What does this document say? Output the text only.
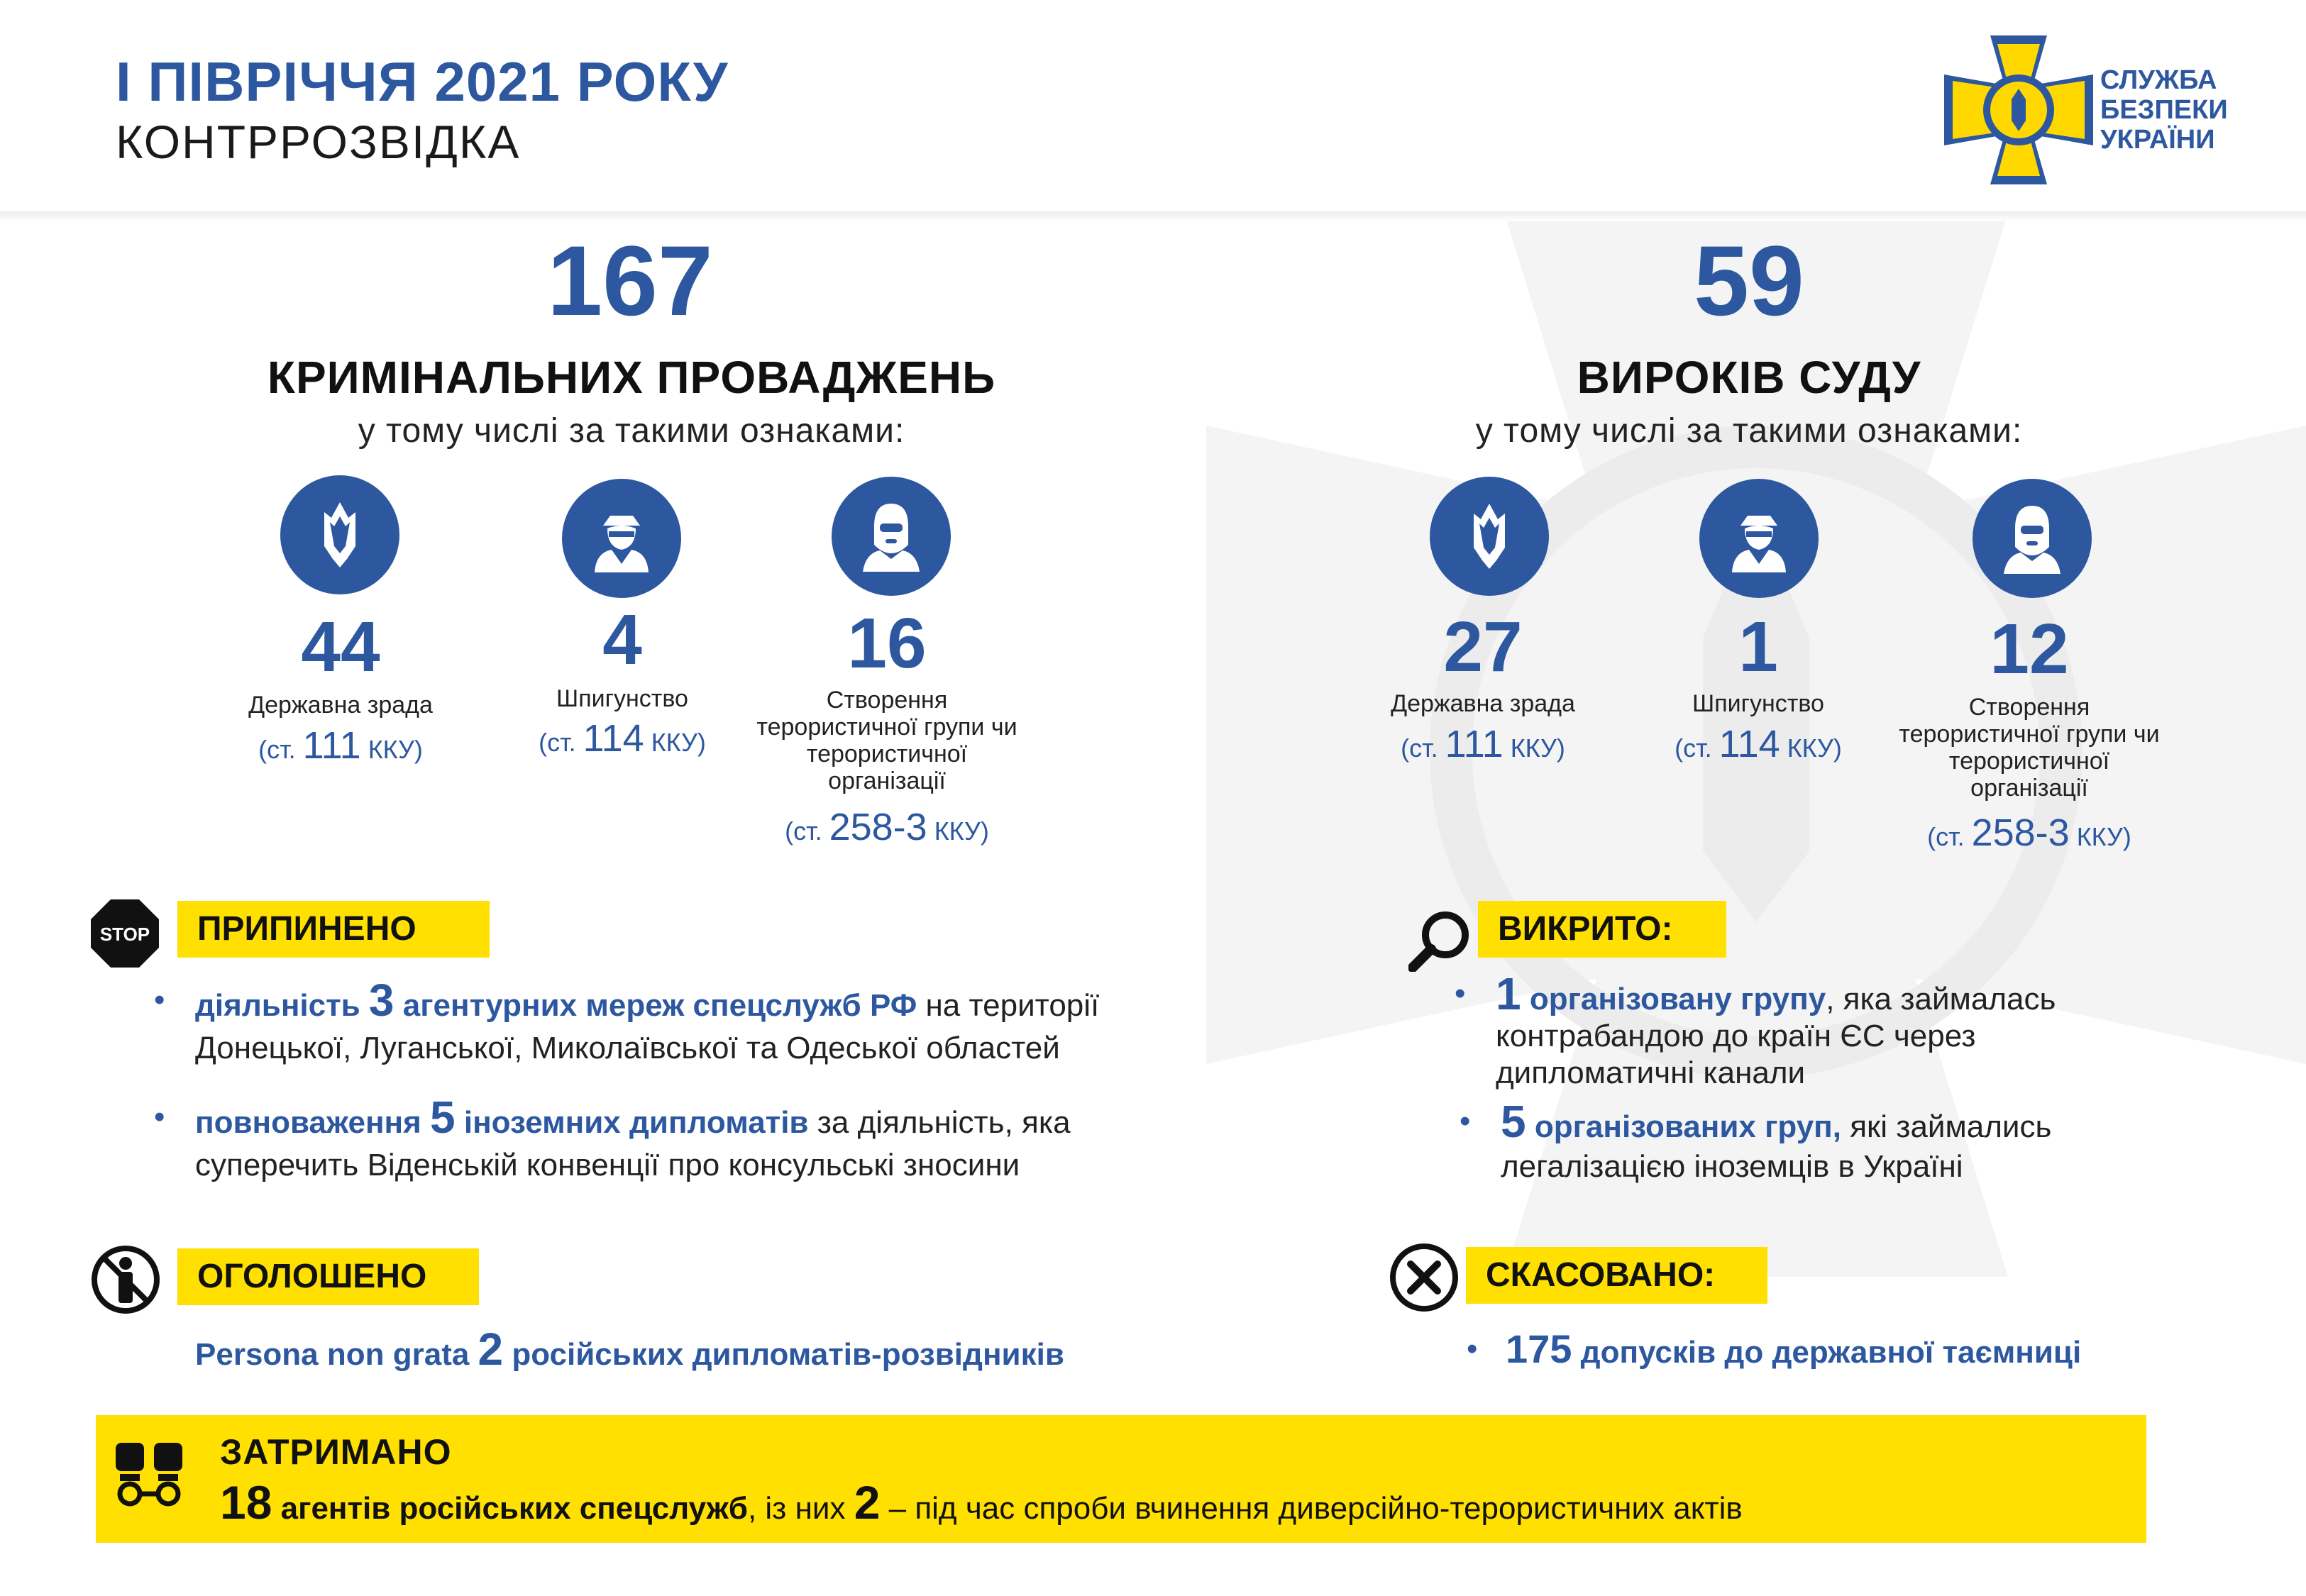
І ПІВРІЧЧЯ 2021 РОКУ
КОНТРРОЗВІДКА
СЛУЖБА
БЕЗПЕКИ
УКРАЇНИ
167
КРИМІНАЛЬНИХ ПРОВАДЖЕНЬ
у тому числі за такими ознаками:
44
Державна зрада
(ст. 111 ККУ)
4
Шпигунство
(ст. 114 ККУ)
16
Створення терористичної групи чи терористичної організації
(ст. 258-3 ККУ)
59
ВИРОКІВ СУДУ
у тому числі за такими ознаками:
27
Державна зрада
(ст. 111 ККУ)
1
Шпигунство
(ст. 114 ККУ)
12
Створення терористичної групи чи терористичної організації
(ст. 258-3 ККУ)
STOP	ПРИПИНЕНО
• діяльність 3 агентурних мереж спецслужб РФ на території
Донецької, Луганської, Миколаївської та Одеської областей
• повноваження 5 іноземних дипломатів за діяльність, яка
суперечить Віденській конвенції про консульські зносини
ВИКРИТО:
• 1 організовану групу, яка займалась
контрабандою до країн ЄС через
дипломатичні канали
• 5 організованих груп, які займались
легалізацією іноземців в Україні
ОГОЛОШЕНО
Persona non grata 2 російських дипломатів-розвідників
СКАСОВАНО:
• 175 допусків до державної таємниці
ЗАТРИМАНО
18 агентів російських спецслужб, із них 2 – під час спроби вчинення диверсійно-терористичних актів
